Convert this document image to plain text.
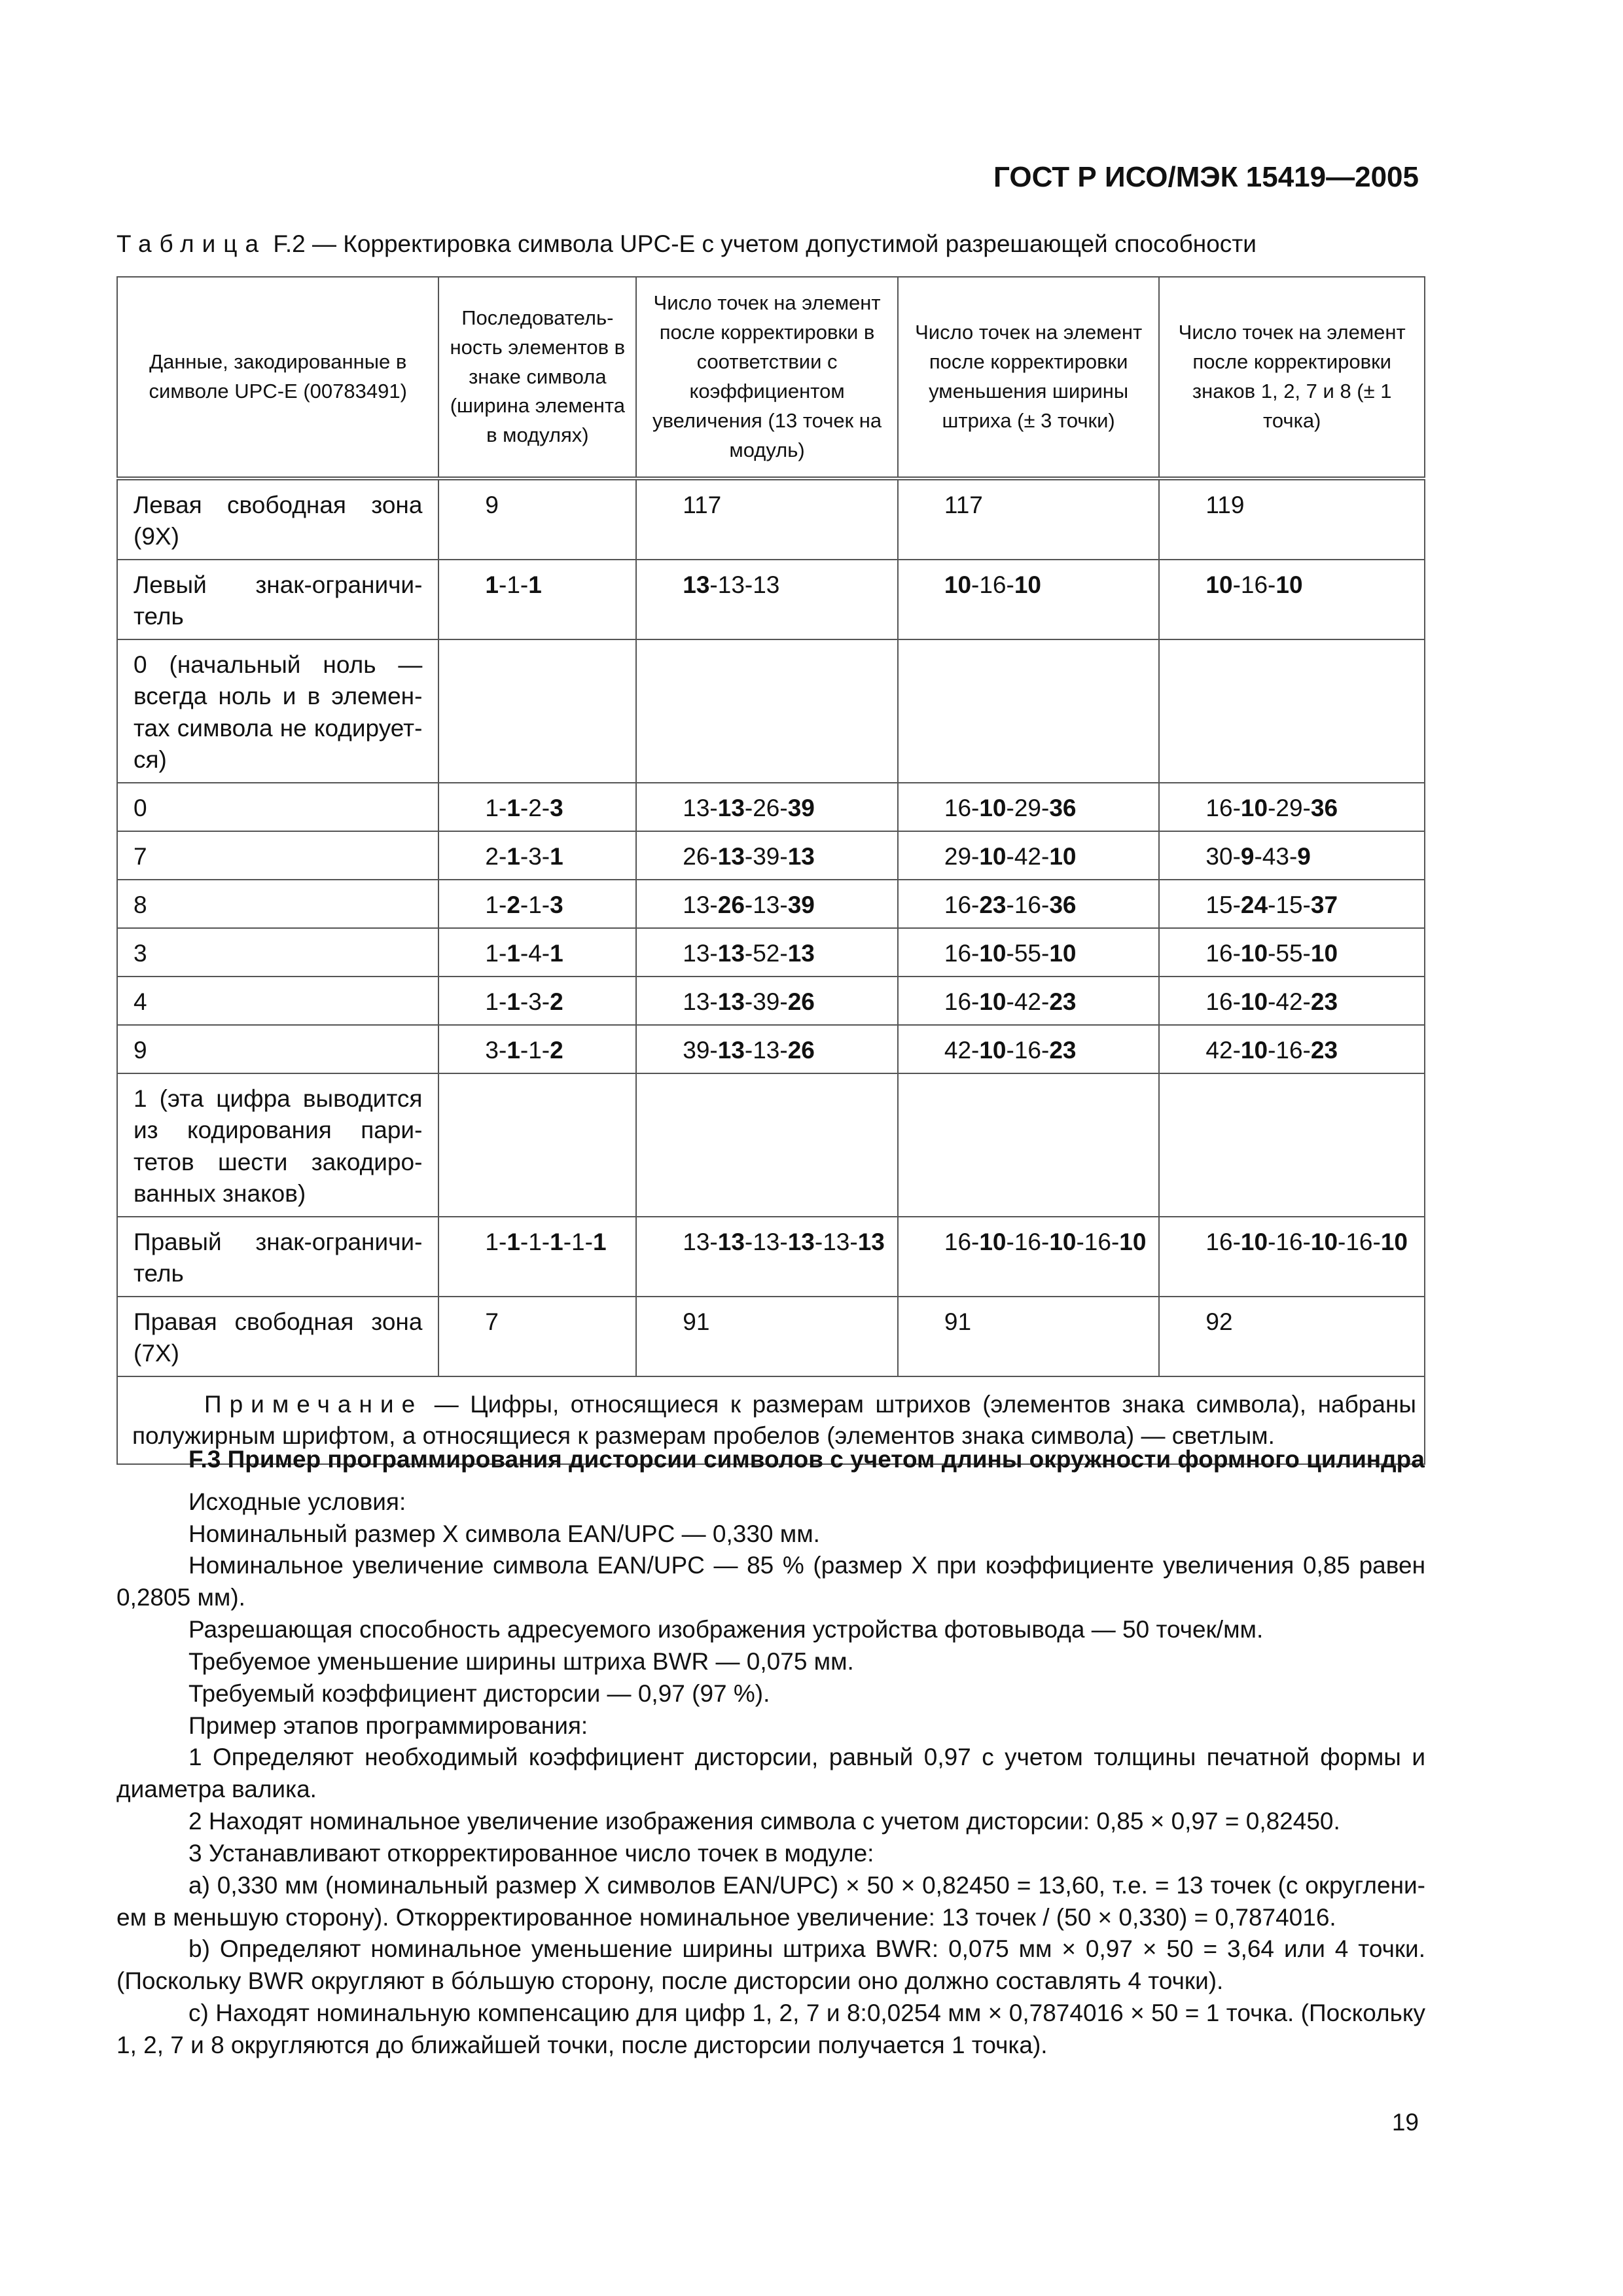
ГОСТ Р ИСО/МЭК 15419—2005
Таблица F.2 — Корректировка символа UPC-E с учетом допустимой разрешающей способности
Данные, закодированные в символе UPC-E (00783491)	Последовательность элементов в знаке символа (ширина элемента в модулях)	Число точек на элемент после корректировки в соответствии с коэффициентом увеличения (13 точек на модуль)	Число точек на элемент после корректировки уменьшения ширины штриха (± 3 точки)	Число точек на элемент после корректировки знаков 1, 2, 7 и 8 (± 1 точка)
Левая свободная зона (9Х)	9	117	117	119
Левый знак-ограничитель	1-1-1	13-13-13	10-16-10	10-16-10
0 (начальный ноль — всегда ноль и в элементах символа не кодируется)				
0	1-1-2-3	13-13-26-39	16-10-29-36	16-10-29-36
7	2-1-3-1	26-13-39-13	29-10-42-10	30-9-43-9
8	1-2-1-3	13-26-13-39	16-23-16-36	15-24-15-37
3	1-1-4-1	13-13-52-13	16-10-55-10	16-10-55-10
4	1-1-3-2	13-13-39-26	16-10-42-23	16-10-42-23
9	3-1-1-2	39-13-13-26	42-10-16-23	42-10-16-23
1 (эта цифра выводится из кодирования паритетов шести закодированных знаков)				
Правый знак-ограничитель	1-1-1-1-1-1	13-13-13-13-13-13	16-10-16-10-16-10	16-10-16-10-16-10
Правая свободная зона (7Х)	7	91	91	92
Примечание — Цифры, относящиеся к размерам штрихов (элементов знака символа), набраны полужирным шрифтом, а относящиеся к размерам пробелов (элементов знака символа) — светлым.				

F.3 Пример программирования дисторсии символов с учетом длины окружности формного цилиндра

Исходные условия:

Номинальный размер X символа EAN/UPC — 0,330 мм.

Номинальное увеличение символа EAN/UPC — 85 % (размер X при коэффициенте увеличения 0,85 равен 0,2805 мм).

Разрешающая способность адресуемого изображения устройства фотовывода — 50 точек/мм.

Требуемое уменьшение ширины штриха BWR — 0,075 мм.

Требуемый коэффициент дисторсии — 0,97 (97 %).

Пример этапов программирования:

1 Определяют необходимый коэффициент дисторсии, равный 0,97 с учетом толщины печатной формы и диаметра валика.

2 Находят номинальное увеличение изображения символа с учетом дисторсии: 0,85 × 0,97 = 0,82450.

3 Устанавливают откорректированное число точек в модуле:

а) 0,330 мм (номинальный размер X символов EAN/UPC) × 50 × 0,82450 = 13,60, т.е. = 13 точек (с округлением в меньшую сторону). Откорректированное номинальное увеличение: 13 точек / (50 × 0,330) = 0,7874016.

b) Определяют номинальное уменьшение ширины штриха BWR: 0,075 мм × 0,97 × 50 = 3,64 или 4 точки. (Поскольку BWR округляют в бо́льшую сторону, после дисторсии оно должно составлять 4 точки).

с) Находят номинальную компенсацию для цифр 1, 2, 7 и 8:0,0254 мм × 0,7874016 × 50 = 1 точка. (Поскольку 1, 2, 7 и 8 округляются до ближайшей точки, после дисторсии получается 1 точка).

19
